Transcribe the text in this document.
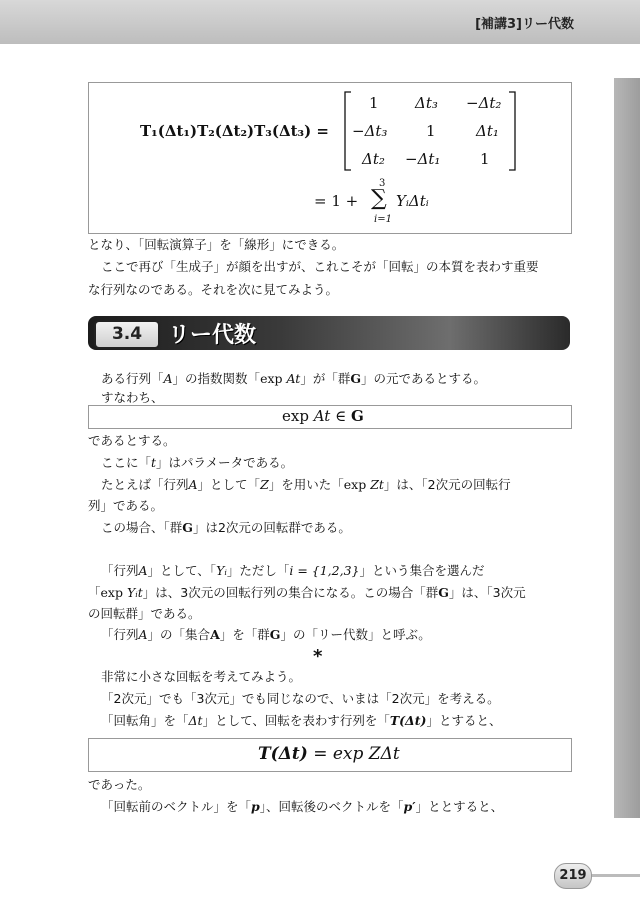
[補講3]リー代数
T₁(Δt₁)T₂(Δt₂)T₃(Δt₃) =
1 Δt₃ −Δt₂
−Δt₃	1	Δt₁
Δt₂ −Δt₁	1
= 1 +
3
∑
i=1
YᵢΔtᵢ
となり、「回転演算子」を「線形」にできる。
ここで再び「生成子」が顔を出すが、これこそが「回転」の本質を表わす重要
な行列なのである。それを次に見てみよう。
3.4	リー代数
ある行列「A」の指数関数「exp At」が「群G」の元であるとする。
すなわち、
exp At ∈ G
であるとする。
ここに「t」はパラメータである。
たとえば「行列A」として「Z」を用いた「exp Zt」は、「2次元の回転行
列」である。
この場合、「群G」は2次元の回転群である。
「行列A」として、「Yᵢ」ただし「i = {1,2,3}」という集合を選んだ
「exp Yᵢt」は、3次元の回転行列の集合になる。この場合「群G」は、「3次元
の回転群」である。
「行列A」の「集合A」を「群G」の「リー代数」と呼ぶ。
*
非常に小さな回転を考えてみよう。
「2次元」でも「3次元」でも同じなので、いまは「2次元」を考える。
「回転角」を「Δt」として、回転を表わす行列を「T(Δt)」とすると、
T(Δt) = exp ZΔt
であった。
「回転前のベクトル」を「p」、回転後のベクトルを「p′」ととすると、
219
